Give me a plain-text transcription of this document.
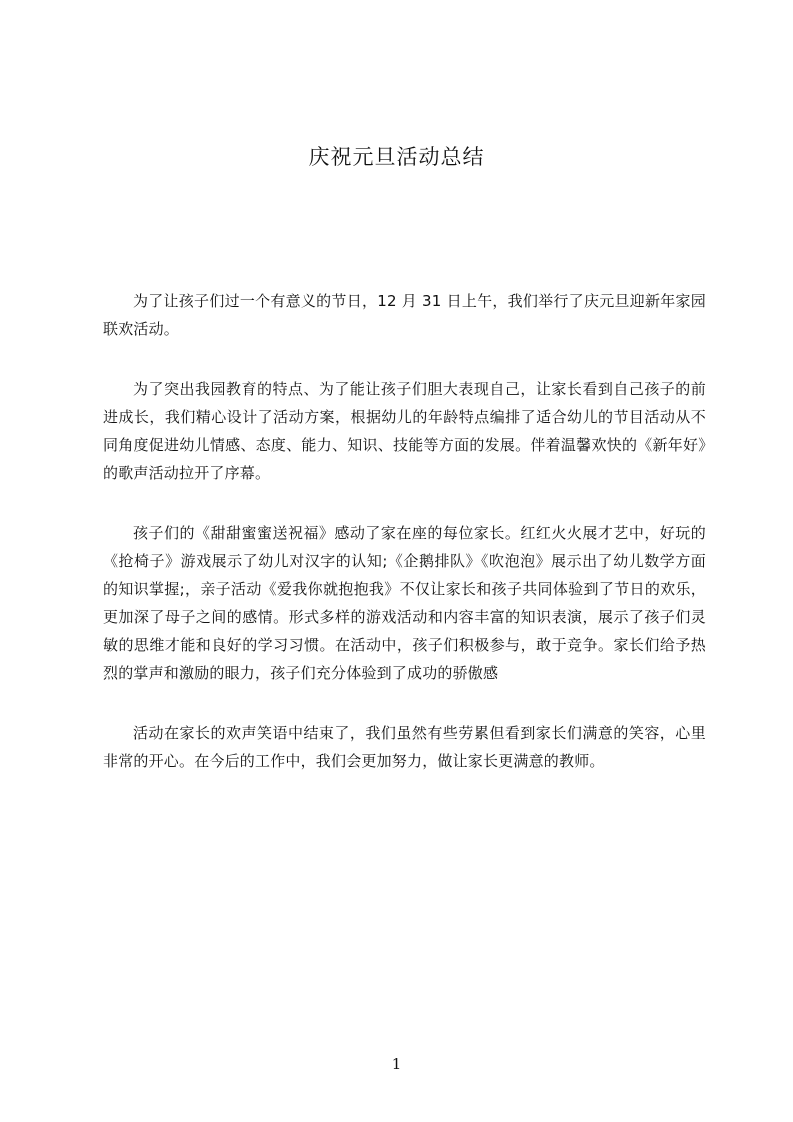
庆祝元旦活动总结

为了让孩子们过一个有意义的节日，12 月 31 日上午，我们举行了庆元旦迎新年家园联欢活动。

为了突出我园教育的特点、为了能让孩子们胆大表现自己，让家长看到自己孩子的前进成长，我们精心设计了活动方案，根据幼儿的年龄特点编排了适合幼儿的节目活动从不同角度促进幼儿情感、态度、能力、知识、技能等方面的发展。伴着温馨欢快的《新年好》的歌声活动拉开了序幕。

孩子们的《甜甜蜜蜜送祝福》感动了家在座的每位家长。红红火火展才艺中，好玩的《抢椅子》游戏展示了幼儿对汉字的认知;《企鹅排队》《吹泡泡》展示出了幼儿数学方面的知识掌握;，亲子活动《爱我你就抱抱我》不仅让家长和孩子共同体验到了节日的欢乐，更加深了母子之间的感情。形式多样的游戏活动和内容丰富的知识表演，展示了孩子们灵敏的思维才能和良好的学习习惯。在活动中，孩子们积极参与，敢于竞争。家长们给予热烈的掌声和激励的眼力，孩子们充分体验到了成功的骄傲感

活动在家长的欢声笑语中结束了，我们虽然有些劳累但看到家长们满意的笑容，心里非常的开心。在今后的工作中，我们会更加努力，做让家长更满意的教师。

1
